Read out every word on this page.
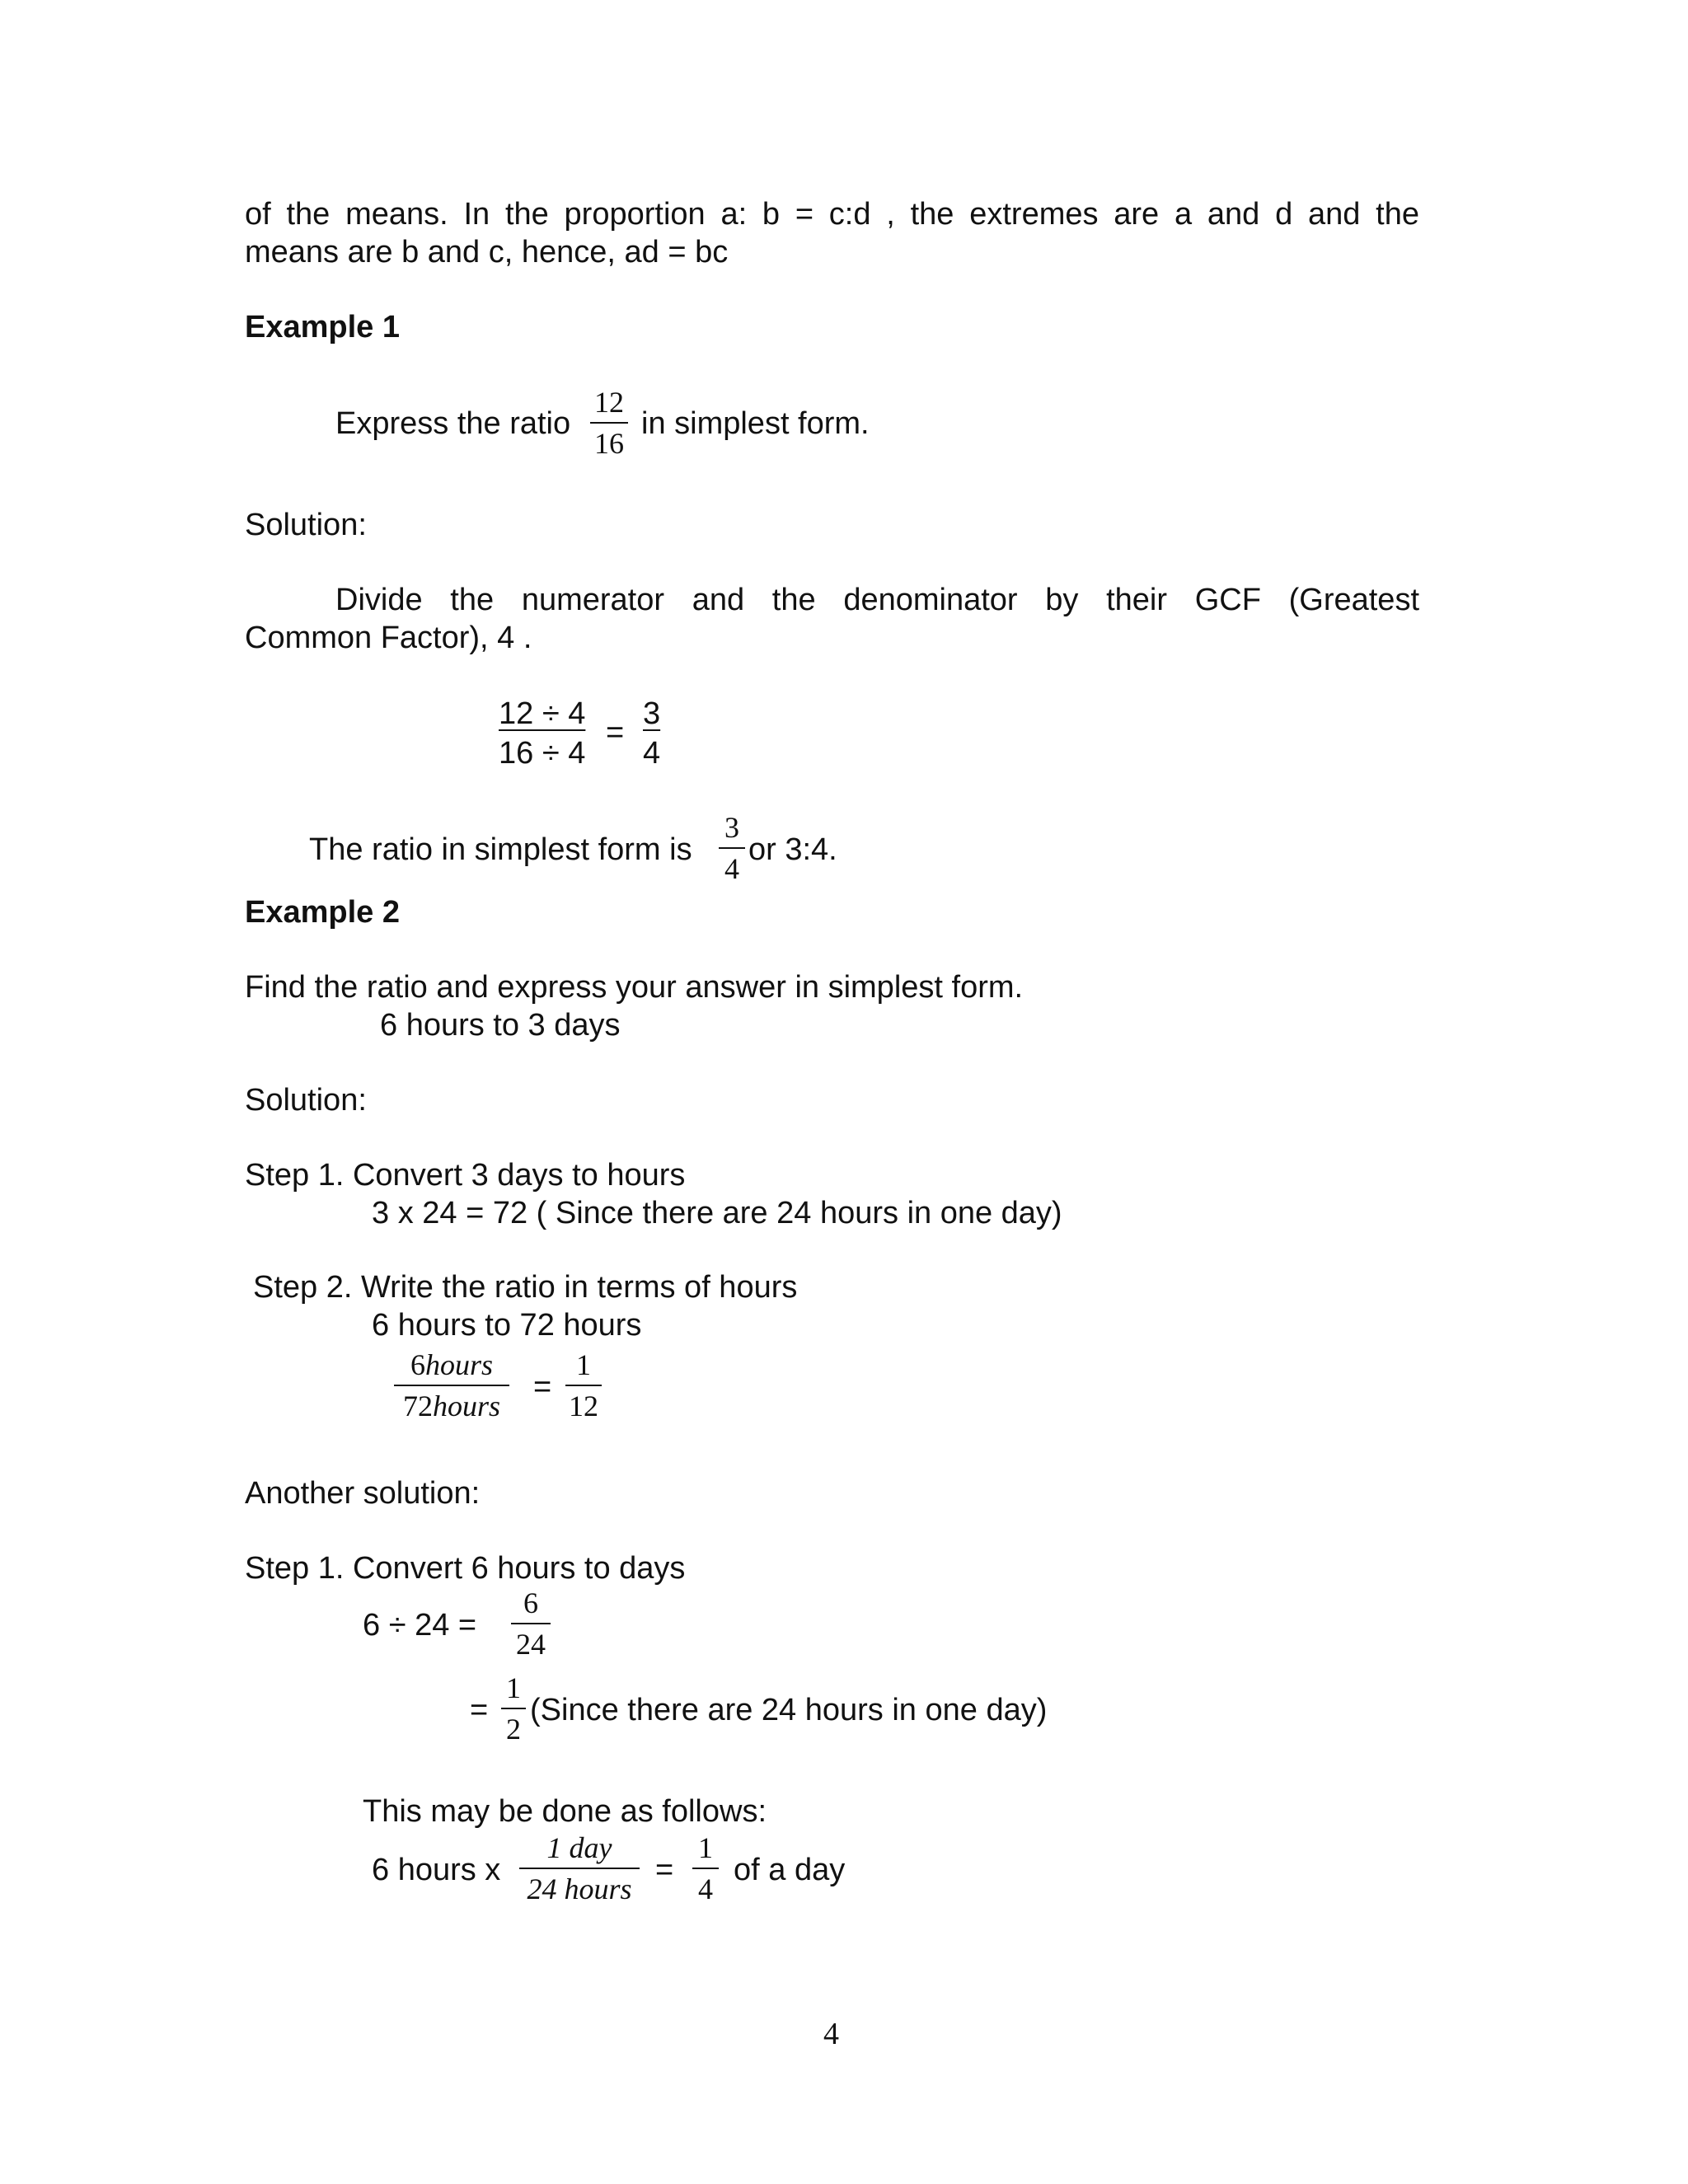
of the means. In the proportion a: b = c:d , the extremes are a and d and the
means are b and c, hence, ad = bc
Example 1
Express the ratio
12
16
in simplest form.
Solution:
Divide the numerator and the denominator by their GCF (Greatest
Common Factor), 4 .
12 ÷ 4
16 ÷ 4
=
3
4
The ratio in simplest form is
3
4
or 3:4.
Example 2
Find the ratio and express your answer in simplest form.
6 hours to 3 days
Solution:
Step 1. Convert 3 days to hours
3 x 24 = 72 ( Since there are 24 hours in one day)
Step 2. Write the ratio in terms of hours
6 hours to 72 hours
6hours
72hours
=
1
12
Another solution:
Step 1. Convert 6 hours to days
6 ÷ 24 =
6
24
=
1
2
(Since there are 24 hours in one day)
This may be done as follows:
6 hours x
1 day
24 hours
=
1
4
of a day
4
